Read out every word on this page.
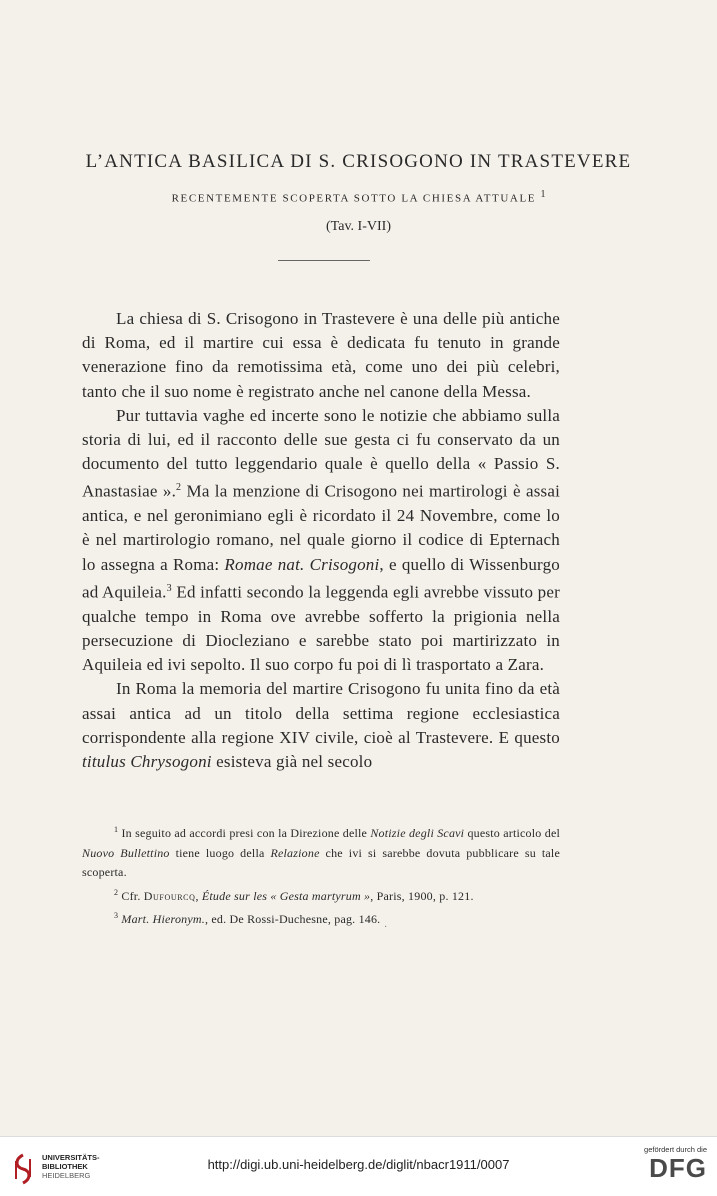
L’ANTICA BASILICA DI S. CRISOGONO IN TRASTEVERE
RECENTEMENTE SCOPERTA SOTTO LA CHIESA ATTUALE $^1$
(Tav. I-VII)

La chiesa di S. Crisogono in Trastevere è una delle più antiche di Roma, ed il martire cui essa è dedicata fu tenuto in grande venerazione fino da remotissima età, come uno dei più celebri, tanto che il suo nome è registrato anche nel canone della Messa.

Pur tuttavia vaghe ed incerte sono le notizie che abbiamo sulla storia di lui, ed il racconto delle sue gesta ci fu conservato da un documento del tutto leggendario quale è quello della « Passio S. Anastasiae ».$^2$ Ma la menzione di Crisogono nei martirologi è assai antica, e nel geronimiano egli è ricordato il 24 Novembre, come lo è nel martirologio romano, nel quale giorno il codice di Epternach lo assegna a Roma: Romae nat. Crisogoni, e quello di Wissenburgo ad Aquileia.$^3$ Ed infatti secondo la leggenda egli avrebbe vissuto per qualche tempo in Roma ove avrebbe sofferto la prigionia nella persecuzione di Diocleziano e sarebbe stato poi martirizzato in Aquileia ed ivi sepolto. Il suo corpo fu poi di lì trasportato a Zara.

In Roma la memoria del martire Crisogono fu unita fino da età assai antica ad un titolo della settima regione ecclesiastica corrispondente alla regione XIV civile, cioè al Trastevere. E questo titulus Chrysogoni esisteva già nel secolo

$^1$ In seguito ad accordi presi con la Direzione delle Notizie degli Scavi questo articolo del Nuovo Bullettino tiene luogo della Relazione che ivi si sarebbe dovuta pubblicare su tale scoperta.

$^2$ Cfr. Dufourcq, Étude sur les « Gesta martyrum », Paris, 1900, p. 121.

$^3$ Mart. Hieronym., ed. De Rossi-Duchesne, pag. 146.

·
UNIVERSITÄTS-
BIBLIOTHEK
HEIDELBERG
http://digi.ub.uni-heidelberg.de/diglit/nbacr1911/0007
gefördert durch die
DFG
